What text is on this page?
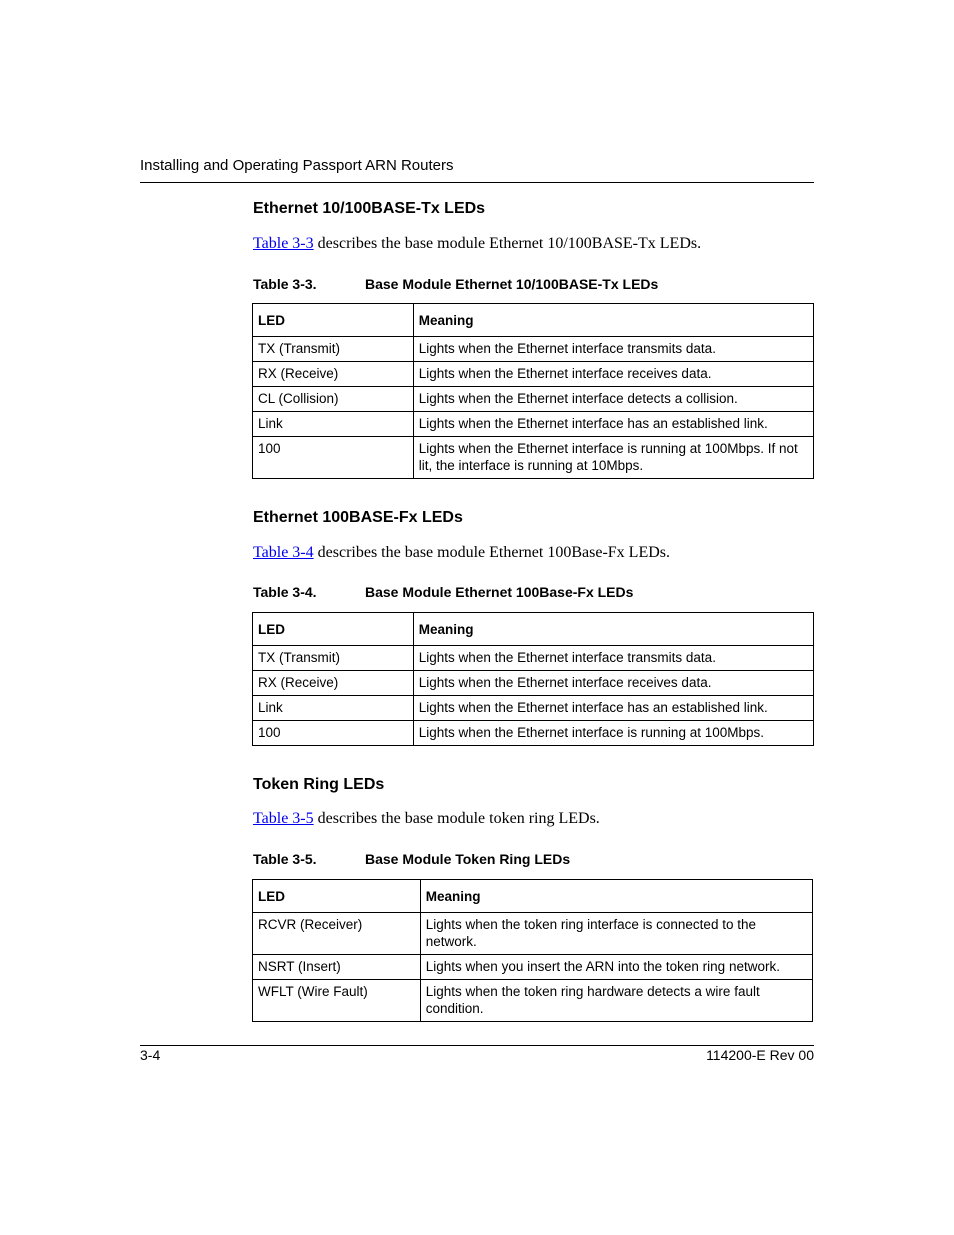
Installing and Operating Passport ARN Routers
Ethernet 10/100BASE-Tx LEDs
Table 3-3 describes the base module Ethernet 10/100BASE-Tx LEDs.
Table 3-3.	Base Module Ethernet 10/100BASE-Tx LEDs
LED	Meaning
TX (Transmit)	Lights when the Ethernet interface transmits data.
RX (Receive)	Lights when the Ethernet interface receives data.
CL (Collision)	Lights when the Ethernet interface detects a collision.
Link	Lights when the Ethernet interface has an established link.
100	Lights when the Ethernet interface is running at 100Mbps. If not lit, the interface is running at 10Mbps.
Ethernet 100BASE-Fx LEDs
Table 3-4 describes the base module Ethernet 100Base-Fx LEDs.
Table 3-4.	Base Module Ethernet 100Base-Fx LEDs
LED	Meaning
TX (Transmit)	Lights when the Ethernet interface transmits data.
RX (Receive)	Lights when the Ethernet interface receives data.
Link	Lights when the Ethernet interface has an established link.
100	Lights when the Ethernet interface is running at 100Mbps.
Token Ring LEDs
Table 3-5 describes the base module token ring LEDs.
Table 3-5.	Base Module Token Ring LEDs
LED	Meaning
RCVR (Receiver)	Lights when the token ring interface is connected to the network.
NSRT (Insert)	Lights when you insert the ARN into the token ring network.
WFLT (Wire Fault)	Lights when the token ring hardware detects a wire fault condition.
3-4	114200-E Rev 00
